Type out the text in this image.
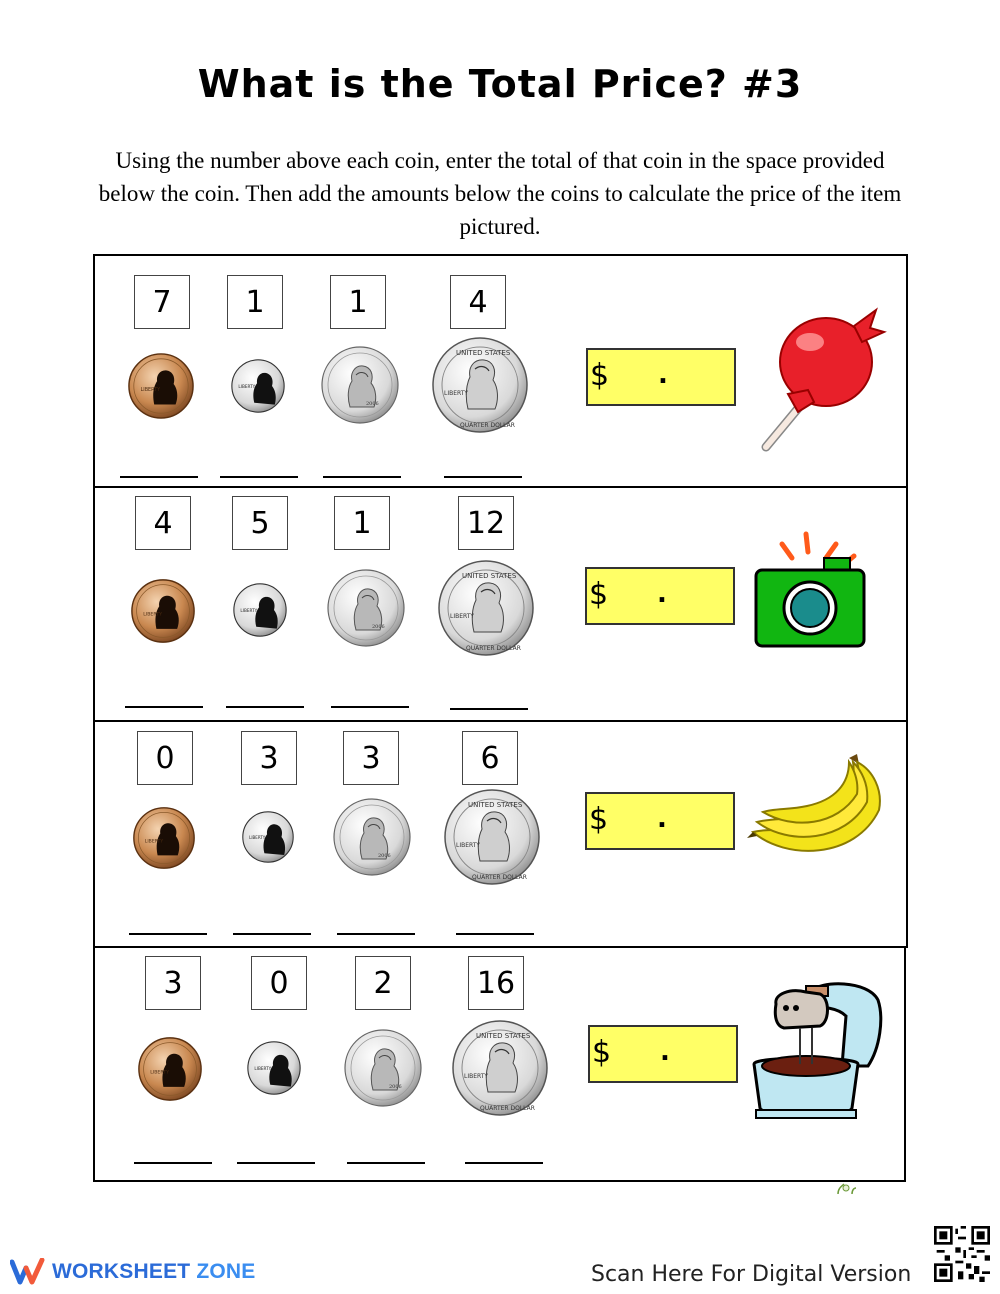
What is the Total Price? #3
Using the number above each coin, enter the total of that coin in the space provided below the coin. Then add the amounts below the coins to calculate the price of the item pictured.
7	1	1	4
4	5	1	12
0	3	3	6
3	0	2	16
$ .
$ .
$ .
$ .
WORKSHEET ZONE	Scan Here For Digital Version
